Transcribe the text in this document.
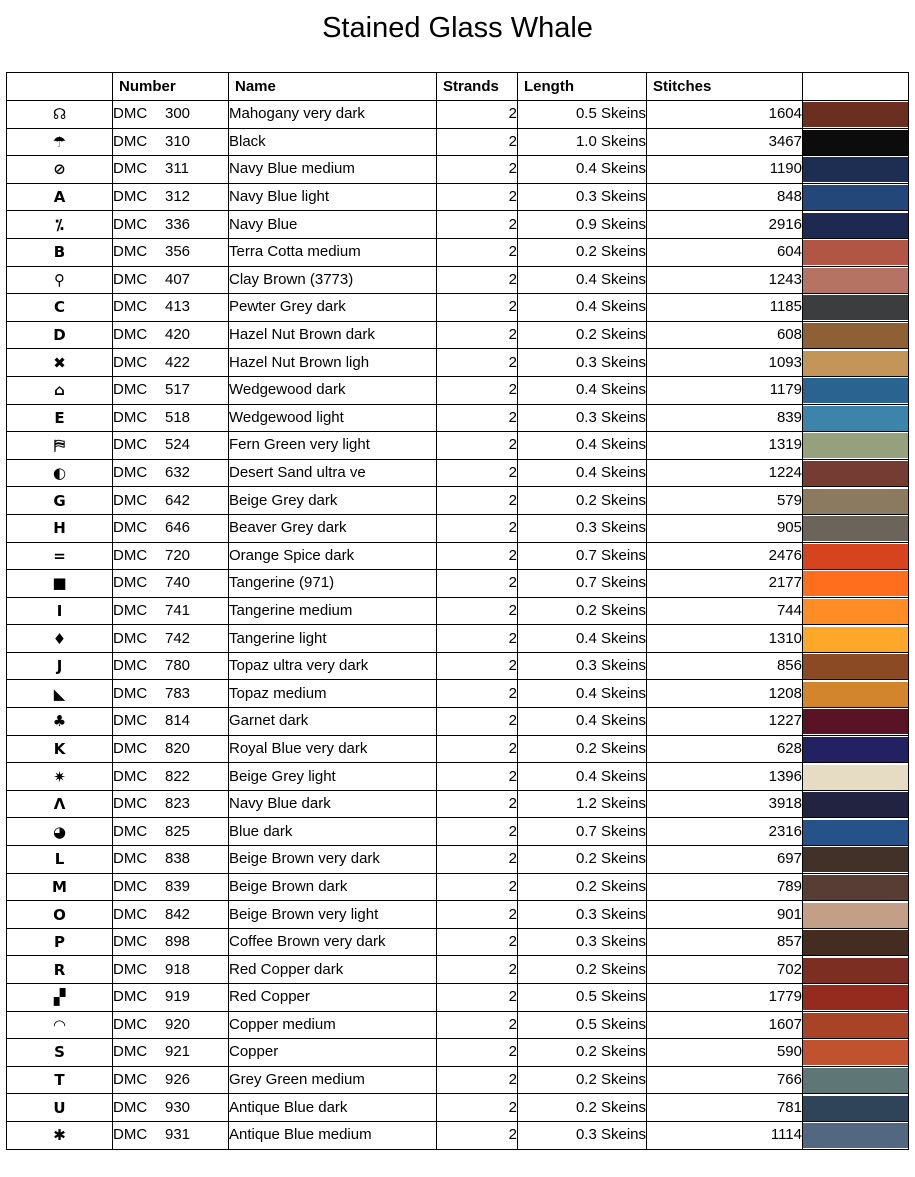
Stained Glass Whale
	Number	Name	Strands	Length	Stitches	
☊	DMC 300	Mahogany very dark	2	0.5 Skeins	1604	

☂	DMC 310	Black	2	1.0 Skeins	3467	

⊘	DMC 311	Navy Blue medium	2	0.4 Skeins	1190	

A	DMC 312	Navy Blue light	2	0.3 Skeins	848	

⁒	DMC 336	Navy Blue	2	0.9 Skeins	2916	

B	DMC 356	Terra Cotta medium	2	0.2 Skeins	604	

⚲	DMC 407	Clay Brown (3773)	2	0.4 Skeins	1243	

C	DMC 413	Pewter Grey dark	2	0.4 Skeins	1185	

D	DMC 420	Hazel Nut Brown dark	2	0.2 Skeins	608	

✖	DMC 422	Hazel Nut Brown ligh	2	0.3 Skeins	1093	

⌂	DMC 517	Wedgewood dark	2	0.4 Skeins	1179	

E	DMC 518	Wedgewood light	2	0.3 Skeins	839	

⛿	DMC 524	Fern Green very light	2	0.4 Skeins	1319	

◐	DMC 632	Desert Sand ultra ve	2	0.4 Skeins	1224	

G	DMC 642	Beige Grey dark	2	0.2 Skeins	579	

H	DMC 646	Beaver Grey dark	2	0.3 Skeins	905	

=	DMC 720	Orange Spice dark	2	0.7 Skeins	2476	

■	DMC 740	Tangerine (971)	2	0.7 Skeins	2177	

I	DMC 741	Tangerine medium	2	0.2 Skeins	744	

♦	DMC 742	Tangerine light	2	0.4 Skeins	1310	

J	DMC 780	Topaz ultra very dark	2	0.3 Skeins	856	

◣	DMC 783	Topaz medium	2	0.4 Skeins	1208	

♣	DMC 814	Garnet dark	2	0.4 Skeins	1227	

K	DMC 820	Royal Blue very dark	2	0.2 Skeins	628	

✷	DMC 822	Beige Grey light	2	0.4 Skeins	1396	

Λ	DMC 823	Navy Blue dark	2	1.2 Skeins	3918	

◕	DMC 825	Blue dark	2	0.7 Skeins	2316	

L	DMC 838	Beige Brown very dark	2	0.2 Skeins	697	

M	DMC 839	Beige Brown dark	2	0.2 Skeins	789	

O	DMC 842	Beige Brown very light	2	0.3 Skeins	901	

P	DMC 898	Coffee Brown very dark	2	0.3 Skeins	857	

R	DMC 918	Red Copper dark	2	0.2 Skeins	702	

▞	DMC 919	Red Copper	2	0.5 Skeins	1779	

◠	DMC 920	Copper medium	2	0.5 Skeins	1607	

S	DMC 921	Copper	2	0.2 Skeins	590	

T	DMC 926	Grey Green medium	2	0.2 Skeins	766	

U	DMC 930	Antique Blue dark	2	0.2 Skeins	781	

✱	DMC 931	Antique Blue medium	2	0.3 Skeins	1114	
